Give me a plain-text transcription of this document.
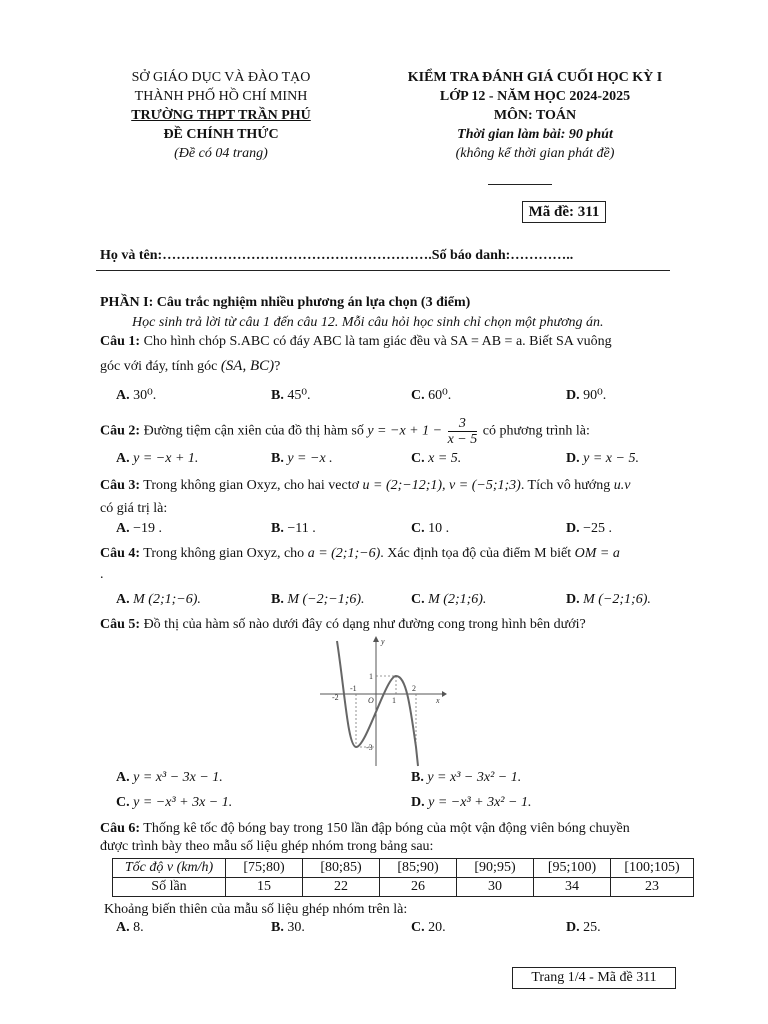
SỞ GIÁO DỤC VÀ ĐÀO TẠO
THÀNH PHỐ HỒ CHÍ MINH
TRƯỜNG THPT TRẦN PHÚ
ĐỀ CHÍNH THỨC
(Đề có 04 trang)
KIỂM TRA ĐÁNH GIÁ CUỐI HỌC KỲ I
LỚP 12 - NĂM HỌC 2024-2025
MÔN: TOÁN
Thời gian làm bài: 90 phút
(không kể thời gian phát đề)
Mã đề: 311
Họ và tên:………………………………………………….Số báo danh:…………..
PHẦN I: Câu trắc nghiệm nhiều phương án lựa chọn (3 điểm)
Học sinh trả lời từ câu 1 đến câu 12. Mỗi câu hỏi học sinh chỉ chọn một phương án.
Câu 1: Cho hình chóp S.ABC có đáy ABC là tam giác đều và SA = AB = a. Biết SA vuông
góc với đáy, tính góc (SA, BC)?
A. 30⁰.	B. 45⁰.	C. 60⁰.	D. 90⁰.
Câu 2: Đường tiệm cận xiên của đồ thị hàm số $y = -x + 1 - \frac{3}{x - 5}$ có phương trình là:
A. y = −x + 1.	B. y = −x .	C. x = 5.	D. y = x − 5.
Câu 3: Trong không gian Oxyz, cho hai vectơ u = (2;−12;1), v = (−5;1;3). Tích vô hướng u.v
có giá trị là:
A. −19 .	B. −11 .	C. 10 .	D. −25 .
Câu 4: Trong không gian Oxyz, cho a = (2;1;−6). Xác định tọa độ của điểm M biết OM = a
.
A. M (2;1;−6).	B. M (−2;−1;6).	C. M (2;1;6).	D. M (−2;1;6).
Câu 5: Đồ thị của hàm số nào dưới đây có dạng như đường cong trong hình bên dưới?
y
x
O
1
1
-1
-2
-3
2
A. y = x³ − 3x − 1.	B. y = x³ − 3x² − 1.
C. y = −x³ + 3x − 1.	D. y = −x³ + 3x² − 1.
Câu 6: Thống kê tốc độ bóng bay trong 150 lần đập bóng của một vận động viên bóng chuyền
được trình bày theo mẫu số liệu ghép nhóm trong bảng sau:
Tốc độ v (km/h)	[75;80)	[80;85)	[85;90)	[90;95)	[95;100)	[100;105)
Số lần	15	22	26	30	34	23
Khoảng biến thiên của mẫu số liệu ghép nhóm trên là:
A. 8.	B. 30.	C. 20.	D. 25.
Trang 1/4 - Mã đề 311
